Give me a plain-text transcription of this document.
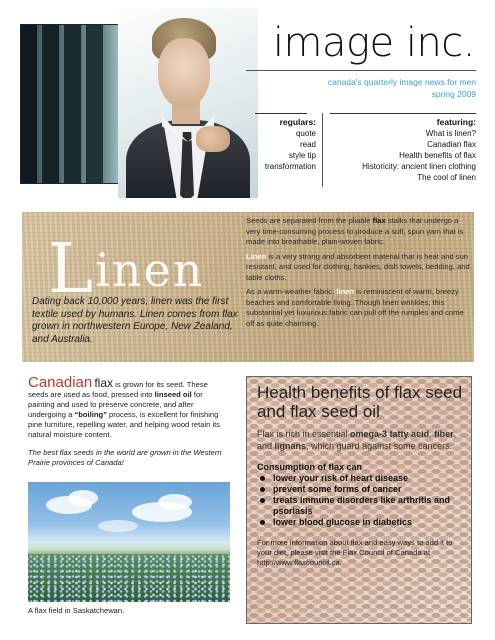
image inc.
canada's quarterly image news for men
spring 2009
regulars:
quote
read
style tip
transformation
featuring:
What is linen?
Canadian flax
Health benefits of flax
Historicity: ancient linen clothing
The cool of linen
Linen
Dating back 10,000 years, linen was the first textile used by humans. Linen comes from flax grown in northwestern Europe, New Zealand, and Australia.

Seeds are separated from the pliable flax stalks that undergo a very time-consuming process to produce a soft, spun yarn that is made into breathable, plain-woven fabric.

Linen is a very strong and absorbent material that is heat and sun resistant, and used for clothing, hankies, dish towels, bedding, and table cloths.

As a warm-weather fabric, linen is reminiscent of warm, breezy beaches and comfortable living. Though linen wrinkles, this substantial yet luxurious fabric can pull off the rumples and come off as quite charming.

Canadian flax is grown for its seed. These seeds are used as food, pressed into linseed oil for painting and used to preserve concrete, and after undergoing a “boiling” process, is excellent for finishing pine furniture, repelling water, and helping wood retain its natural moisture content.

The best flax seeds in the world are grown in the Western Prairie provinces of Canada!

A flax field in Saskatchewan.
Health benefits of flax seed and flax seed oil

Flax is rich in essential omega-3 fatty acid, fiber, and lignans, which guard against some cancers.

Consumption of flax can

lower your risk of heart disease
prevent some forms of cancer
treats immune disorders like arthritis and psoriasis
lower blood glucose in diabetics

For more information about flax and easy ways to add it to your diet, please visit the Flax Council of Canada at http://www.flaxcouncil.ca.
